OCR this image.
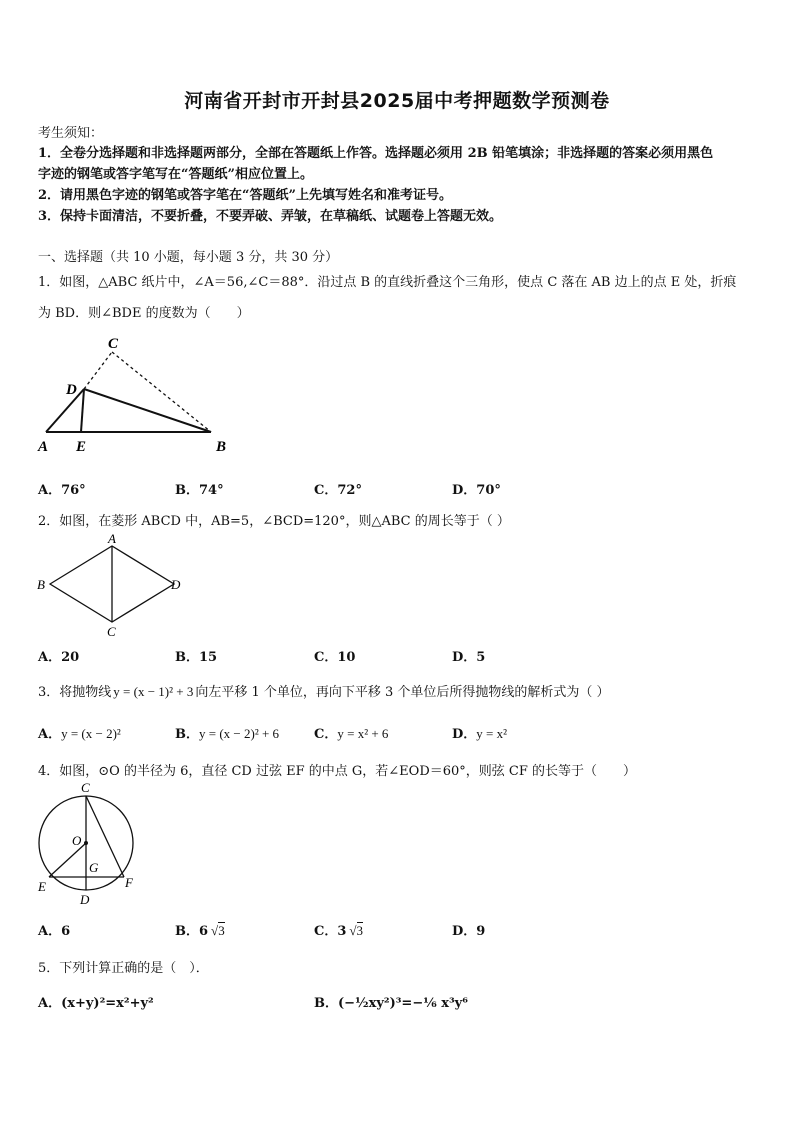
河南省开封市开封县2025届中考押题数学预测卷
考生须知：
1．全卷分选择题和非选择题两部分，全部在答题纸上作答。选择题必须用 2B 铅笔填涂；非选择题的答案必须用黑色
字迹的钢笔或答字笔写在“答题纸”相应位置上。
2．请用黑色字迹的钢笔或答字笔在“答题纸”上先填写姓名和准考证号。
3．保持卡面清洁，不要折叠，不要弄破、弄皱，在草稿纸、试题卷上答题无效。
一、选择题（共 10 小题，每小题 3 分，共 30 分）
1．如图，△ABC 纸片中，∠A＝56,∠C＝88°．沿过点 B 的直线折叠这个三角形，使点 C 落在 AB 边上的点 E 处，折痕
为 BD．则∠BDE 的度数为（　　）
C
D
A E	B
A．76°	B．74°	C．72°	D．70°
2．如图，在菱形 ABCD 中，AB=5，∠BCD=120°，则△ABC 的周长等于（ ）
A
B
C
D
A．20	B．15	C．10	D．5
3．将抛物线 y = (x − 1)² + 3 向左平移 1 个单位，再向下平移 3 个单位后所得抛物线的解析式为（ ）
A．y = (x − 2)²	B．y = (x − 2)² + 6	C．y = x² + 6	D．y = x²
4．如图，⊙O 的半径为 6，直径 CD 过弦 EF 的中点 G，若∠EOD＝60°，则弦 CF 的长等于（　　）
C
O
G
E	F
D
A．6	B．6 √3	C．3 √3	D．9
5．下列计算正确的是（　）．
A．(x+y)²=x²+y²	B．(−½xy²)³=−⅙ x³y⁶
